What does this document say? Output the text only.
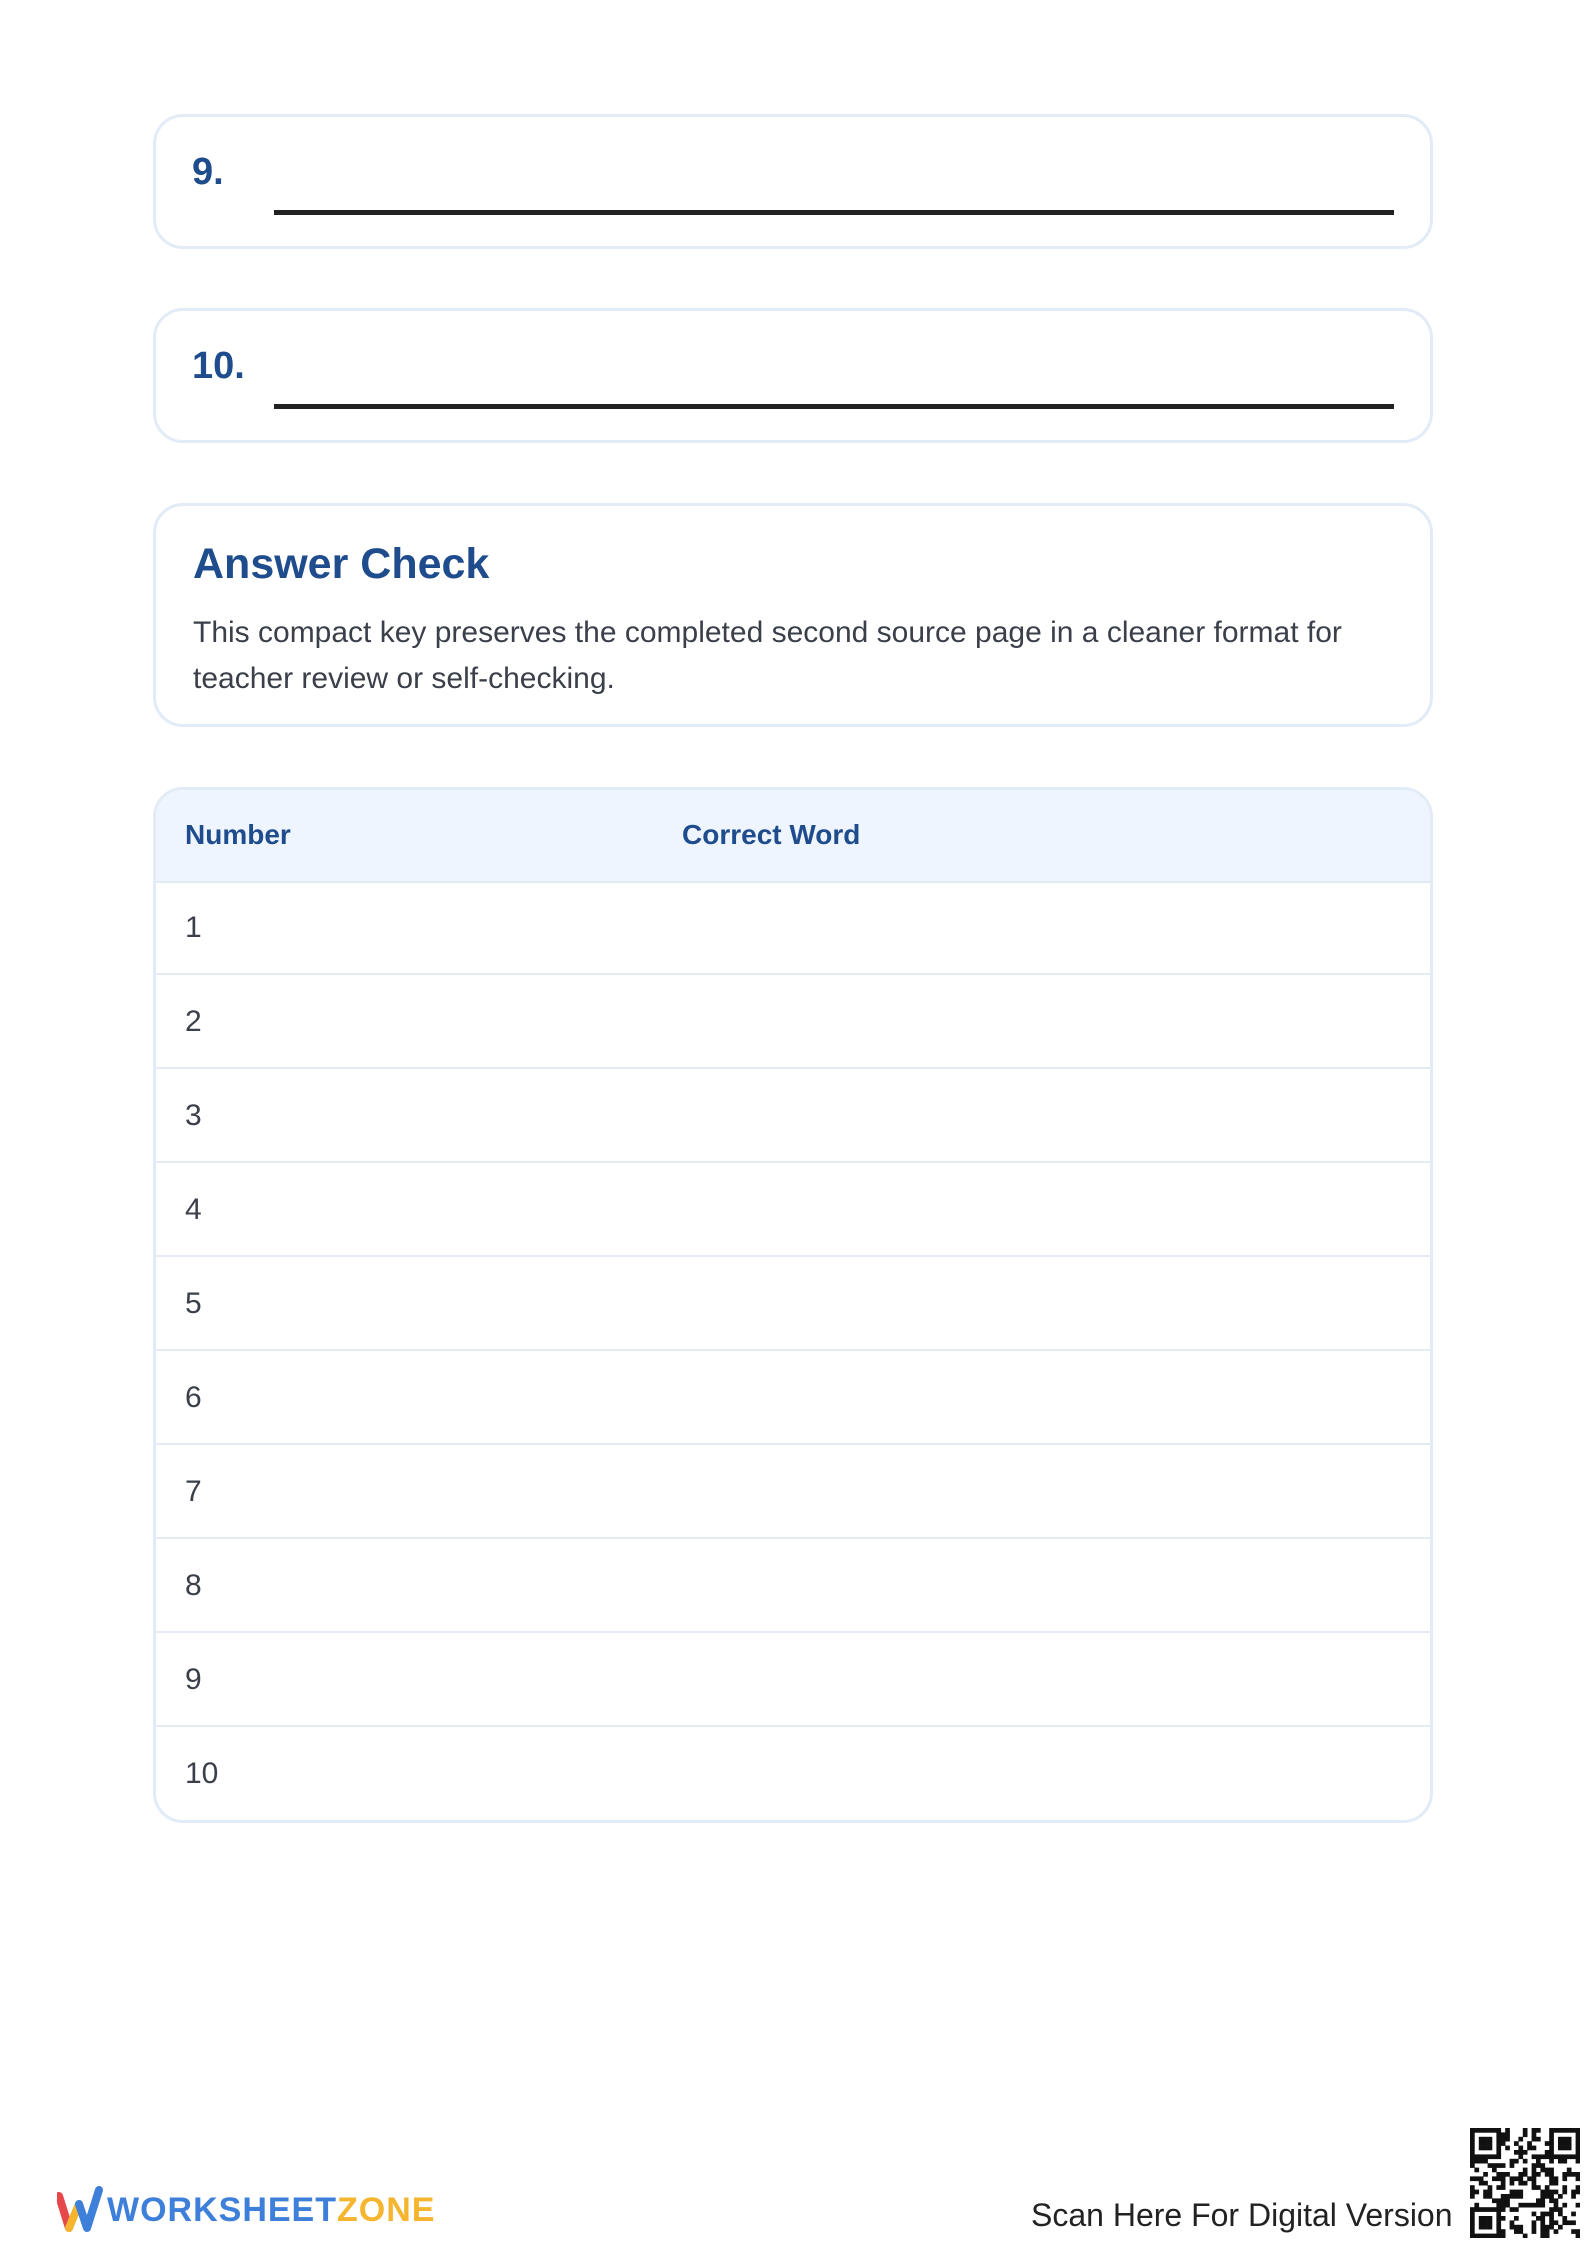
9.
10.
Answer Check
This compact key preserves the completed second source page in a cleaner format for teacher review or self-checking.
Number	Correct Word
1
2
3
4
5
6
7
8
9
10
WORKSHEETZONE	Scan Here For Digital Version
